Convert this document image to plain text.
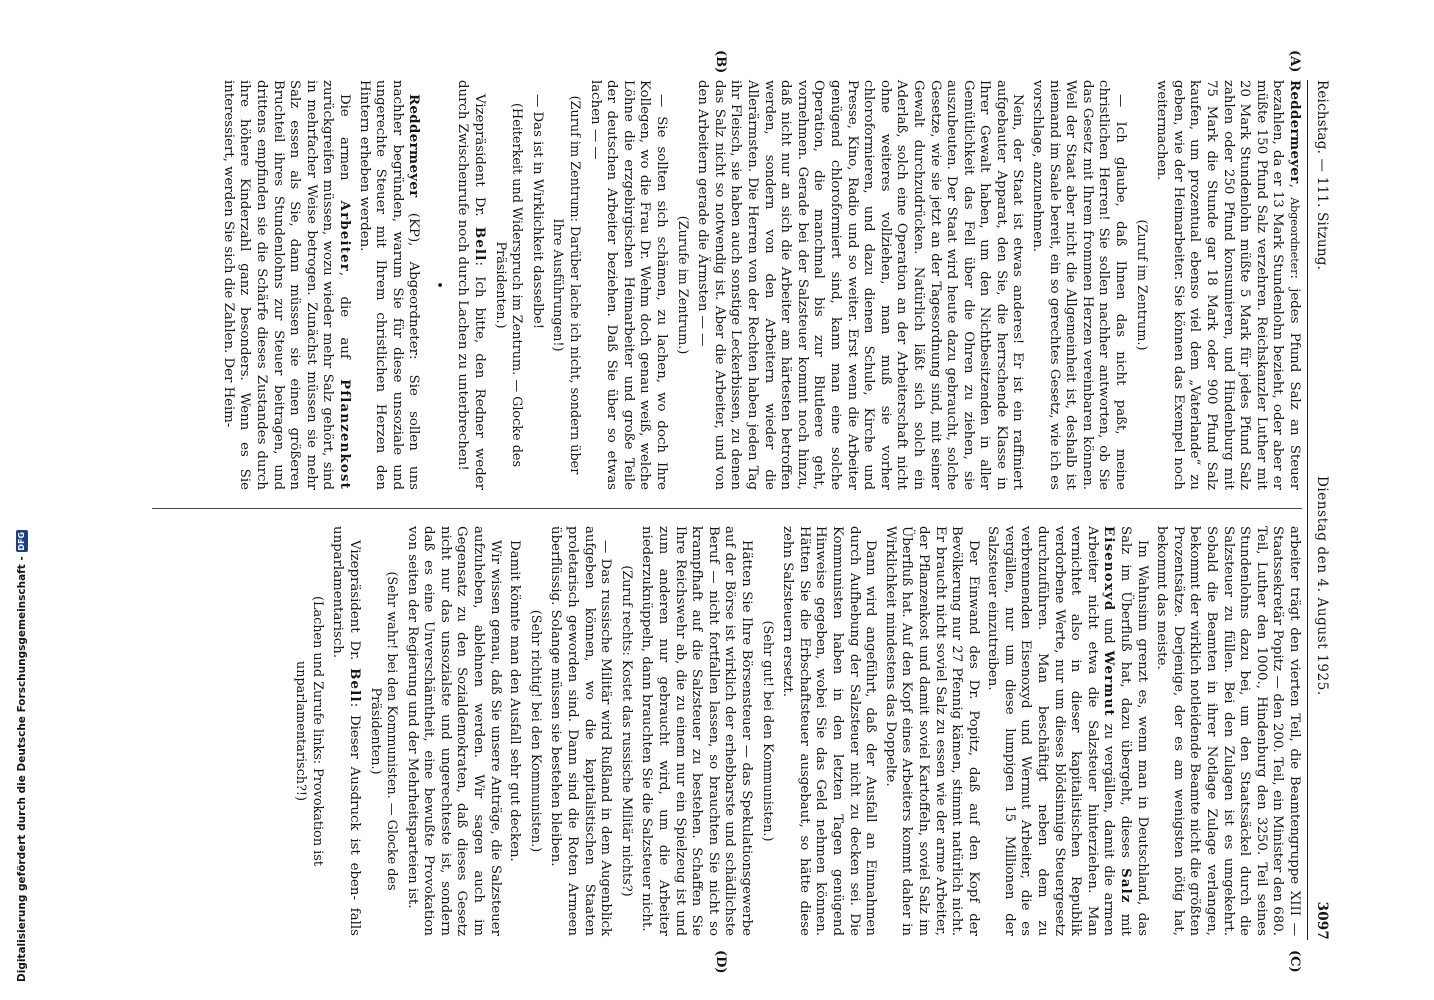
Digitalisierung gefördert durch die Deutsche Forschungsgemeinschaft -
DFG
Reichstag. — 111. Sitzung.
Dienstag den 4. August 1925.
3097
(A)
(B)
(C)
(D)

Reddermeyer, Abgeordneter: jedes Pfund Salz an Steuer bezahlen, da er 13 Mark Stundenlohn bezieht, oder aber er müßte 150 Pfund Salz verzehren. Reichskanzler Luther mit 20 Mark Stundenlohn müßte 5 Mark für jedes Pfund Salz zahlen oder 250 Pfund konsumieren, und Hindenburg mit 75 Mark die Stunde gar 18 Mark oder 900 Pfund Salz kaufen, um prozentual ebenso viel dem „Vaterlande“ zu geben, wie der Heimarbeiter. Sie können das Exempel noch weitermachen.

(Zuruf im Zentrum.)

— Ich glaube, daß Ihnen das nicht paßt, meine christlichen Herren! Sie sollen nachher antworten, ob Sie das Gesetz mit Ihrem frommen Herzen vereinbaren können. Weil der Staat aber nicht die Allgemeinheit ist, deshalb ist niemand im Saale bereit, ein so gerechtes Gesetz, wie ich es vorschlage, anzunehmen.

Nein, der Staat ist etwas anderes! Er ist ein raffiniert aufgebauter Apparat, den Sie, die herrschende Klasse in Ihrer Gewalt haben, um den Nichtbesitzenden in aller Gemütlichkeit das Fell über die Ohren zu ziehen, sie auszubeuten. Der Staat wird heute dazu gebraucht, solche Gesetze, wie sie jetzt an der Tagesordnung sind, mit seiner Gewalt durchzudrücken. Natürlich läßt sich solch ein Aderlaß, solch eine Operation an der Arbeiterschaft nicht ohne weiteres vollziehen, man muß sie vorher chloroformieren, und dazu dienen Schule, Kirche und Presse, Kino, Radio und so weiter. Erst wenn die Arbeiter genügend chloroformiert sind, kann man eine solche Operation, die manchmal bis zur Blutleere geht, vornehmen. Gerade bei der Salzsteuer kommt noch hinzu, daß nicht nur an sich die Arbeiter am härtesten betroffen werden, sondern von den Arbeitern wieder die Allerärmsten. Die Herren von der Rechten haben jeden Tag ihr Fleisch, sie haben auch sonstige Leckerbissen, zu denen das Salz nicht so notwendig ist. Aber die Arbeiter, und von den Arbeitern gerade die Ärmsten — —

(Zurufe im Zentrum.)

— Sie sollten sich schämen, zu lachen, wo doch Ihre Kollegen, wo die Frau Dr. Wehm doch genau weiß, welche Löhne die erzgebirgischen Heimarbeiter und große Teile der deutschen Arbeiter beziehen. Daß Sie über so etwas lachen — —

(Zuruf im Zentrum: Darüber lache ich nicht, sondern über Ihre Ausführungen!)

— Das ist in Wirklichkeit dasselbe!

(Heiterkeit und Widerspruch im Zentrum. — Glocke des Präsidenten.)

Vizepräsident Dr. Bell: Ich bitte, den Redner weder durch Zwischenrufe noch durch Lachen zu unterbrechen!

•

Reddermeyer (KP), Abgeordneter: Sie sollen uns nachher begründen, warum Sie für diese unsoziale und ungerechte Steuer mit Ihrem christlichen Herzen den Hintern erheben werden.

Die armen Arbeiter, die auf Pflanzenkost zurückgreifen müssen, wozu wieder mehr Salz gehört, sind in mehrfacher Weise betrogen. Zunächst müssen sie mehr Salz essen als Sie, dann müssen sie einen größeren Bruchteil ihres Stundenlohns zur Steuer beitragen, und drittens empfinden sie die Schärfe dieses Zustandes durch ihre höhere Kinderzahl ganz besonders. Wenn es Sie interessiert, werden Sie sich die Zahlen. Der Heim-

arbeiter trägt den vierten Teil, die Beamtengruppe XIII — Staatssekretär Popitz — den 200. Teil, ein Minister den 680. Teil, Luther den 1000., Hindenburg den 3250. Teil seines Stundenlohns dazu bei, um den Staatssäckel durch die Salzsteuer zu füllen. Bei den Zulagen ist es umgekehrt. Sobald die Beamten in ihrer Notlage Zulage verlangen, bekommt der wirklich notleidende Beamte nicht die größten Prozentsätze. Derjenige, der es am wenigsten nötig hat, bekommt das meiste.

Im Wahnsinn grenzt es, wenn man in Deutschland, das Salz im Überfluß hat, dazu übergeht, dieses Salz mit Eisenoxyd und Wermut zu vergällen, damit die armen Arbeiter nicht etwa die Salzsteuer hinterziehen. Man vernichtet also in dieser kapitalistischen Republik verdorbene Werte, nur um dieses blödsinnige Steuergesetz durchzuführen. Man beschäftigt neben dem zu verbrennenden Eisenoxyd und Wermut Arbeiter, die es vergällen, nur um diese lumpigen 15 Millionen der Salzsteuer einzutreiben.

Der Einwand des Dr. Popitz, daß auf den Kopf der Bevölkerung nur 27 Pfennig kämen, stimmt natürlich nicht. Er braucht nicht soviel Salz zu essen wie der arme Arbeiter, der Pflanzenkost und damit soviel Kartoffeln, soviel Salz im Überfluß hat. Auf den Kopf eines Arbeiters kommt daher in Wirklichkeit mindestens das Doppelte.

Dann wird angeführt, daß der Ausfall an Einnahmen durch Aufhebung der Salzsteuer nicht zu decken sei. Die Kommunisten haben in den letzten Tagen genügend Hinweise gegeben, wobei Sie das Geld nehmen können. Hätten Sie die Erbschaftsteuer ausgebaut, so hätte diese zehn Salzsteuern ersetzt.

(Sehr gut! bei den Kommunisten.)

Hätten Sie Ihre Börsensteuer — das Spekulationsgewerbe auf der Börse ist wirklich der erhebbarste und schädlichste Beruf — nicht fortfallen lassen, so brauchten Sie nicht so krampfhaft auf die Salzsteuer zu bestehen. Schaffen Sie Ihre Reichswehr ab, die zu einem nur ein Spielzeug ist und zum anderen nur gebraucht wird, um die Arbeiter niederzuknüppeln, dann brauchten Sie die Salzsteuer nicht.

(Zuruf rechts: Kostet das russische Militär nichts?)

— Das russische Militär wird Rußland in dem Augenblick aufgeben können, wo die kapitalistischen Staaten proletarisch geworden sind. Dann sind die Roten Armeen überflüssig. Solange müssen sie bestehen bleiben.

(Sehr richtig! bei den Kommunisten.)

Damit könnte man den Ausfall sehr gut decken.

Wir wissen genau, daß Sie unsere Anträge, die Salzsteuer aufzuheben, ablehnen werden. Wir sagen auch im Gegensatz zu den Sozialdemokraten, daß dieses Gesetz nicht nur das unsozialste und ungerechteste ist, sondern daß es eine Unverschämtheit, eine bewußte Provokation von seiten der Regierung und der Mehrheitsparteien ist.

(Sehr wahr! bei den Kommunisten. — Glocke des Präsidenten.)

Vizepräsident Dr. Bell: Dieser Ausdruck ist eben- falls unparlamentarisch.

(Lachen und Zurufe links: Provokation ist unparlamentarisch?!)
